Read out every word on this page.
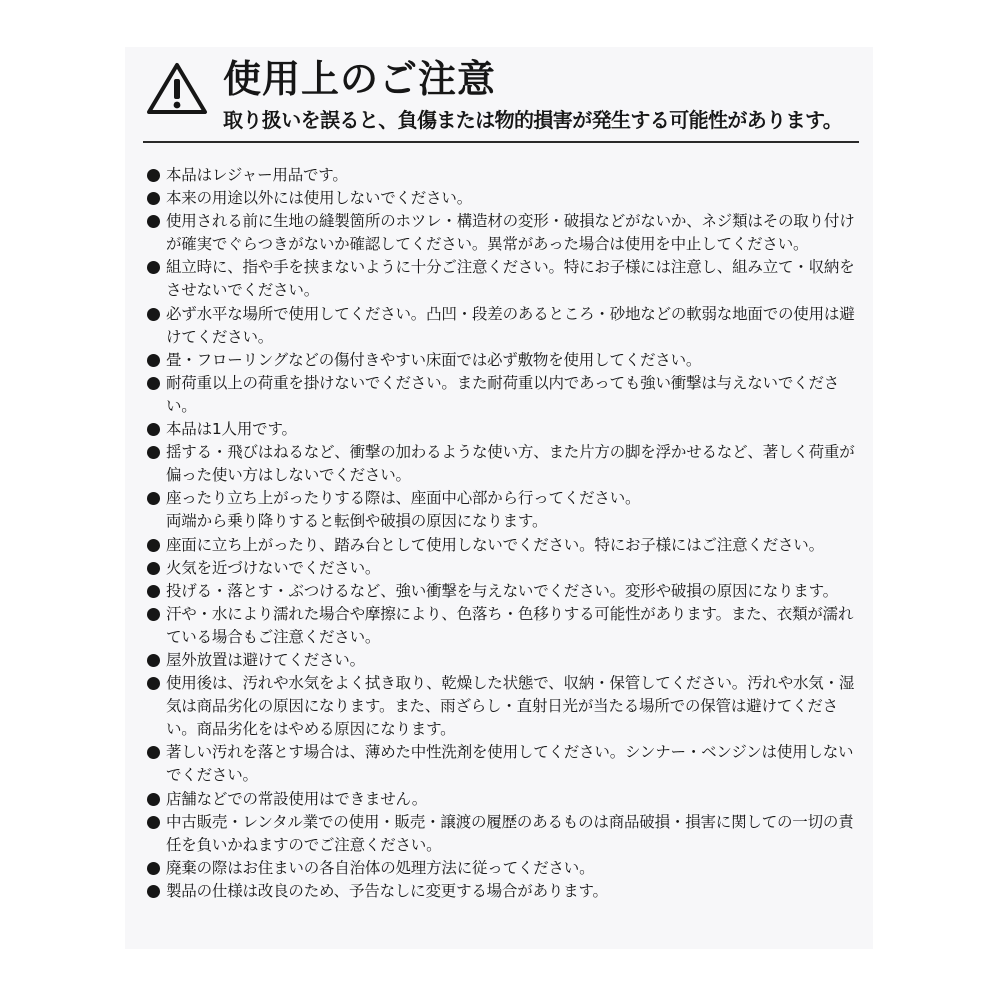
使用上のご注意
取り扱いを誤ると、負傷または物的損害が発生する可能性があります。
本品はレジャー用品です。
本来の用途以外には使用しないでください。
使用される前に生地の縫製箇所のホツレ・構造材の変形・破損などがないか、ネジ類はその取り付けが確実でぐらつきがないか確認してください。異常があった場合は使用を中止してください。
組立時に、指や手を挟まないように十分ご注意ください。特にお子様には注意し、組み立て・収納をさせないでください。
必ず水平な場所で使用してください。凸凹・段差のあるところ・砂地などの軟弱な地面での使用は避けてください。
畳・フローリングなどの傷付きやすい床面では必ず敷物を使用してください。
耐荷重以上の荷重を掛けないでください。また耐荷重以内であっても強い衝撃は与えないでください。
本品は1人用です。
揺する・飛びはねるなど、衝撃の加わるような使い方、また片方の脚を浮かせるなど、著しく荷重が偏った使い方はしないでください。
座ったり立ち上がったりする際は、座面中心部から行ってください。
両端から乗り降りすると転倒や破損の原因になります。
座面に立ち上がったり、踏み台として使用しないでください。特にお子様にはご注意ください。
火気を近づけないでください。
投げる・落とす・ぶつけるなど、強い衝撃を与えないでください。変形や破損の原因になります。
汗や・水により濡れた場合や摩擦により、色落ち・色移りする可能性があります。また、衣類が濡れている場合もご注意ください。
屋外放置は避けてください。
使用後は、汚れや水気をよく拭き取り、乾燥した状態で、収納・保管してください。汚れや水気・湿気は商品劣化の原因になります。また、雨ざらし・直射日光が当たる場所での保管は避けてください。商品劣化をはやめる原因になります。
著しい汚れを落とす場合は、薄めた中性洗剤を使用してください。シンナー・ベンジンは使用しないでください。
店舗などでの常設使用はできません。
中古販売・レンタル業での使用・販売・譲渡の履歴のあるものは商品破損・損害に関しての一切の責任を負いかねますのでご注意ください。
廃棄の際はお住まいの各自治体の処理方法に従ってください。
製品の仕様は改良のため、予告なしに変更する場合があります。
